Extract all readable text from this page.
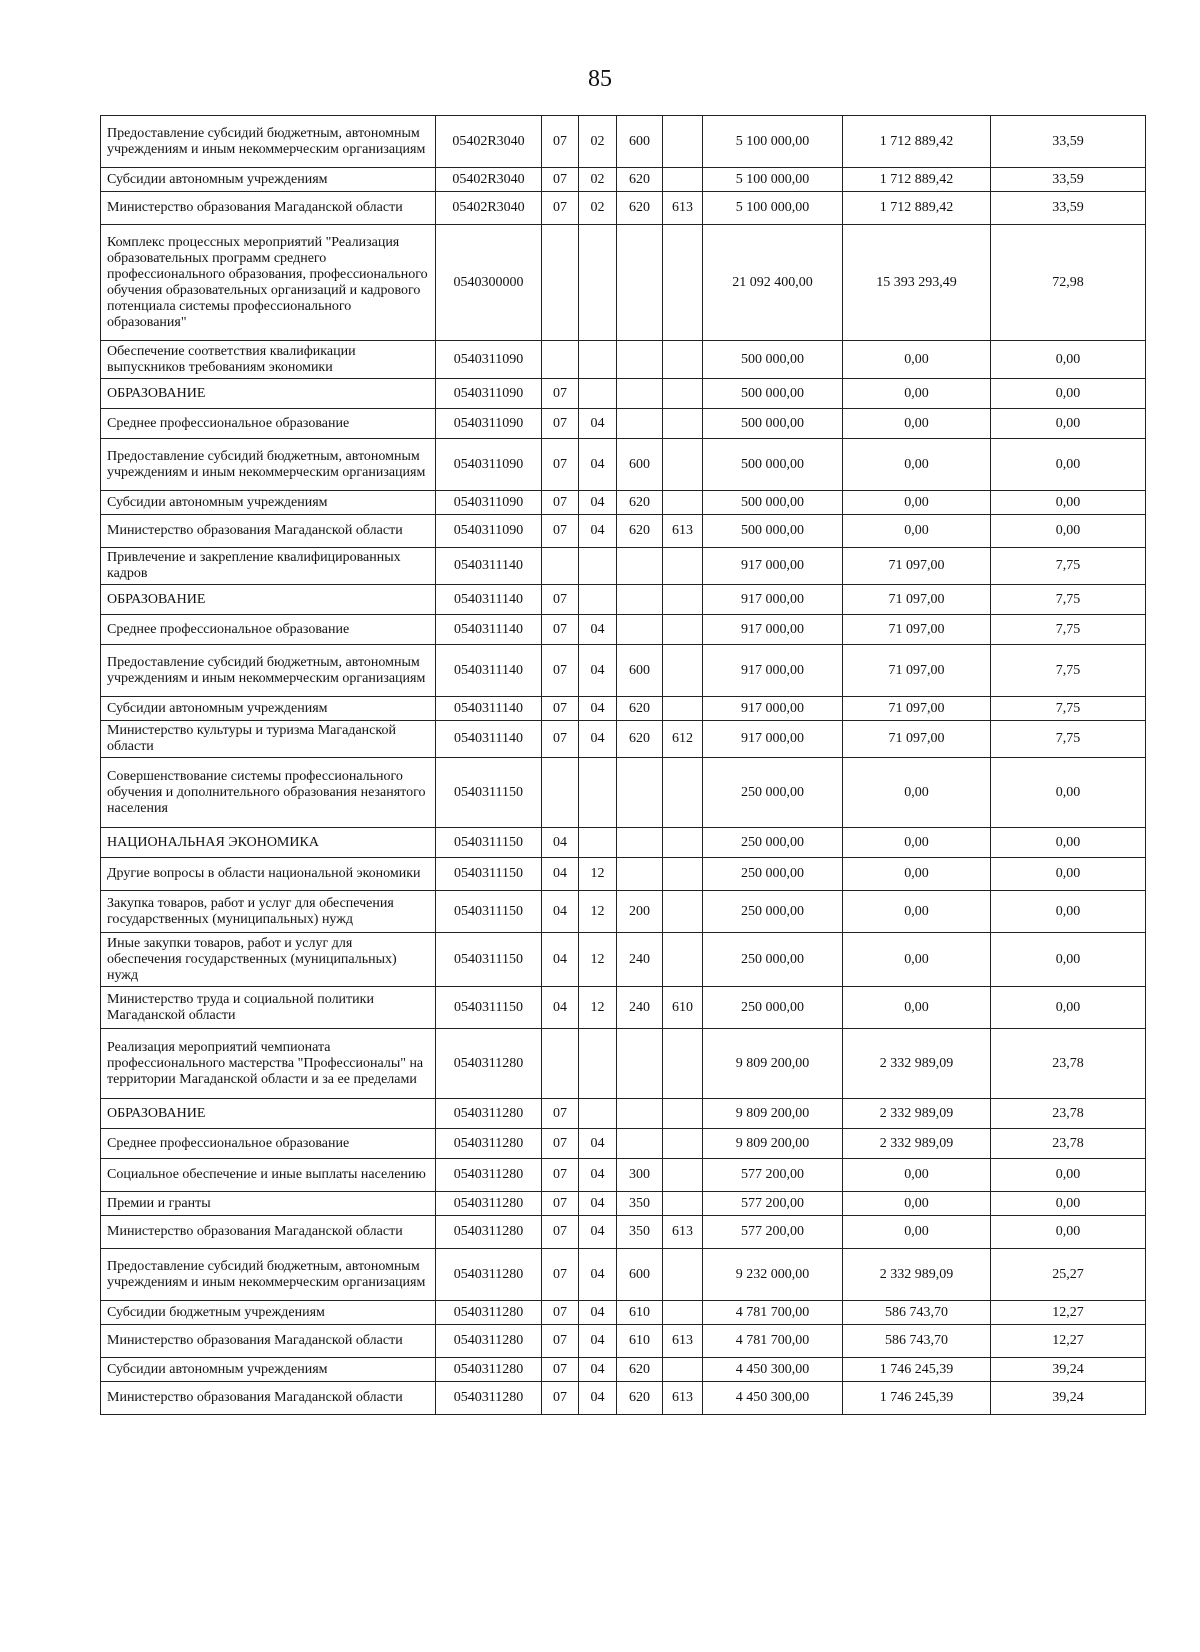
85
Предоставление субсидий бюджетным, автономным учреждениям и иным некоммерческим организациям	05402R3040	07	02	600		5 100 000,00	1 712 889,42	33,59
Субсидии автономным учреждениям	05402R3040	07	02	620		5 100 000,00	1 712 889,42	33,59
Министерство образования Магаданской области	05402R3040	07	02	620	613	5 100 000,00	1 712 889,42	33,59
Комплекс процессных мероприятий "Реализация образовательных программ среднего профессионального образования, профессионального обучения образовательных организаций и кадрового потенциала системы профессионального образования"	0540300000					21 092 400,00	15 393 293,49	72,98
Обеспечение соответствия квалификации выпускников требованиям экономики	0540311090					500 000,00	0,00	0,00
ОБРАЗОВАНИЕ	0540311090	07				500 000,00	0,00	0,00
Среднее профессиональное образование	0540311090	07	04			500 000,00	0,00	0,00
Предоставление субсидий бюджетным, автономным учреждениям и иным некоммерческим организациям	0540311090	07	04	600		500 000,00	0,00	0,00
Субсидии автономным учреждениям	0540311090	07	04	620		500 000,00	0,00	0,00
Министерство образования Магаданской области	0540311090	07	04	620	613	500 000,00	0,00	0,00
Привлечение и закрепление квалифицированных кадров	0540311140					917 000,00	71 097,00	7,75
ОБРАЗОВАНИЕ	0540311140	07				917 000,00	71 097,00	7,75
Среднее профессиональное образование	0540311140	07	04			917 000,00	71 097,00	7,75
Предоставление субсидий бюджетным, автономным учреждениям и иным некоммерческим организациям	0540311140	07	04	600		917 000,00	71 097,00	7,75
Субсидии автономным учреждениям	0540311140	07	04	620		917 000,00	71 097,00	7,75
Министерство культуры и туризма Магаданской области	0540311140	07	04	620	612	917 000,00	71 097,00	7,75
Совершенствование системы профессионального обучения и дополнительного образования незанятого населения	0540311150					250 000,00	0,00	0,00
НАЦИОНАЛЬНАЯ ЭКОНОМИКА	0540311150	04				250 000,00	0,00	0,00
Другие вопросы в области национальной экономики	0540311150	04	12			250 000,00	0,00	0,00
Закупка товаров, работ и услуг для обеспечения государственных (муниципальных) нужд	0540311150	04	12	200		250 000,00	0,00	0,00
Иные закупки товаров, работ и услуг для обеспечения государственных (муниципальных) нужд	0540311150	04	12	240		250 000,00	0,00	0,00
Министерство труда и социальной политики Магаданской области	0540311150	04	12	240	610	250 000,00	0,00	0,00
Реализация мероприятий чемпионата профессионального мастерства "Профессионалы" на территории Магаданской области и за ее пределами	0540311280					9 809 200,00	2 332 989,09	23,78
ОБРАЗОВАНИЕ	0540311280	07				9 809 200,00	2 332 989,09	23,78
Среднее профессиональное образование	0540311280	07	04			9 809 200,00	2 332 989,09	23,78
Социальное обеспечение и иные выплаты населению	0540311280	07	04	300		577 200,00	0,00	0,00
Премии и гранты	0540311280	07	04	350		577 200,00	0,00	0,00
Министерство образования Магаданской области	0540311280	07	04	350	613	577 200,00	0,00	0,00
Предоставление субсидий бюджетным, автономным учреждениям и иным некоммерческим организациям	0540311280	07	04	600		9 232 000,00	2 332 989,09	25,27
Субсидии бюджетным учреждениям	0540311280	07	04	610		4 781 700,00	586 743,70	12,27
Министерство образования Магаданской области	0540311280	07	04	610	613	4 781 700,00	586 743,70	12,27
Субсидии автономным учреждениям	0540311280	07	04	620		4 450 300,00	1 746 245,39	39,24
Министерство образования Магаданской области	0540311280	07	04	620	613	4 450 300,00	1 746 245,39	39,24
